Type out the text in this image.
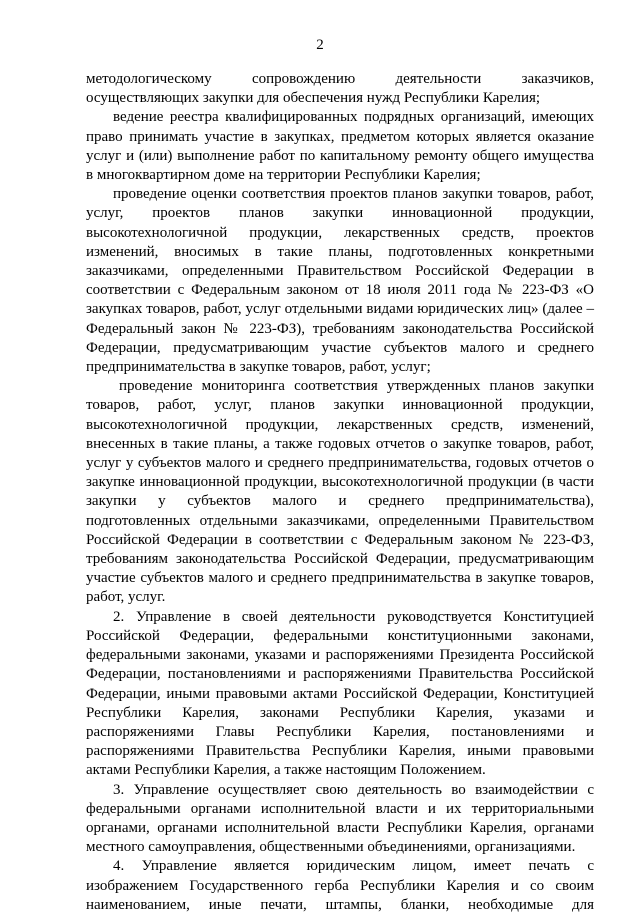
2

методологическому сопровождению деятельности заказчиков,
осуществляющих закупки для обеспечения нужд Республики Карелия;

ведение реестра квалифицированных подрядных организаций, имеющих право принимать участие в закупках, предметом которых является оказание услуг и (или) выполнение работ по капитальному ремонту общего имущества в многоквартирном доме на территории Республики Карелия;

проведение оценки соответствия проектов планов закупки товаров, работ, услуг, проектов планов закупки инновационной продукции, высокотехнологичной продукции, лекарственных средств, проектов изменений, вносимых в такие планы, подготовленных конкретными заказчиками, определенными Правительством Российской Федерации в соответствии с Федеральным законом от 18 июля 2011 года № 223-ФЗ «О закупках товаров, работ, услуг отдельными видами юридических лиц» (далее – Федеральный закон № 223-ФЗ), требованиям законодательства Российской Федерации, предусматривающим участие субъектов малого и среднего предпринимательства в закупке товаров, работ, услуг;

проведение мониторинга соответствия утвержденных планов закупки товаров, работ, услуг, планов закупки инновационной продукции, высокотехнологичной продукции, лекарственных средств, изменений, внесенных в такие планы, а также годовых отчетов о закупке товаров, работ, услуг у субъектов малого и среднего предпринимательства, годовых отчетов о закупке инновационной продукции, высокотехнологичной продукции (в части закупки у субъектов малого и среднего предпринимательства), подготовленных отдельными заказчиками, определенными Правительством Российской Федерации в соответствии с Федеральным законом № 223-ФЗ, требованиям законодательства Российской Федерации, предусматривающим участие субъектов малого и среднего предпринимательства в закупке товаров, работ, услуг.

2. Управление в своей деятельности руководствуется Конституцией Российской Федерации, федеральными конституционными законами, федеральными законами, указами и распоряжениями Президента Российской Федерации, постановлениями и распоряжениями Правительства Российской Федерации, иными правовыми актами Российской Федерации, Конституцией Республики Карелия, законами Республики Карелия, указами и распоряжениями Главы Республики Карелия, постановлениями и распоряжениями Правительства Республики Карелия, иными правовыми актами Республики Карелия, а также настоящим Положением.

3. Управление осуществляет свою деятельность во взаимодействии с федеральными органами исполнительной власти и их территориальными органами, органами исполнительной власти Республики Карелия, органами местного самоуправления, общественными объединениями, организациями.

4. Управление является юридическим лицом, имеет печать с изображением Государственного герба Республики Карелия и со своим наименованием, иные печати, штампы, бланки, необходимые для
